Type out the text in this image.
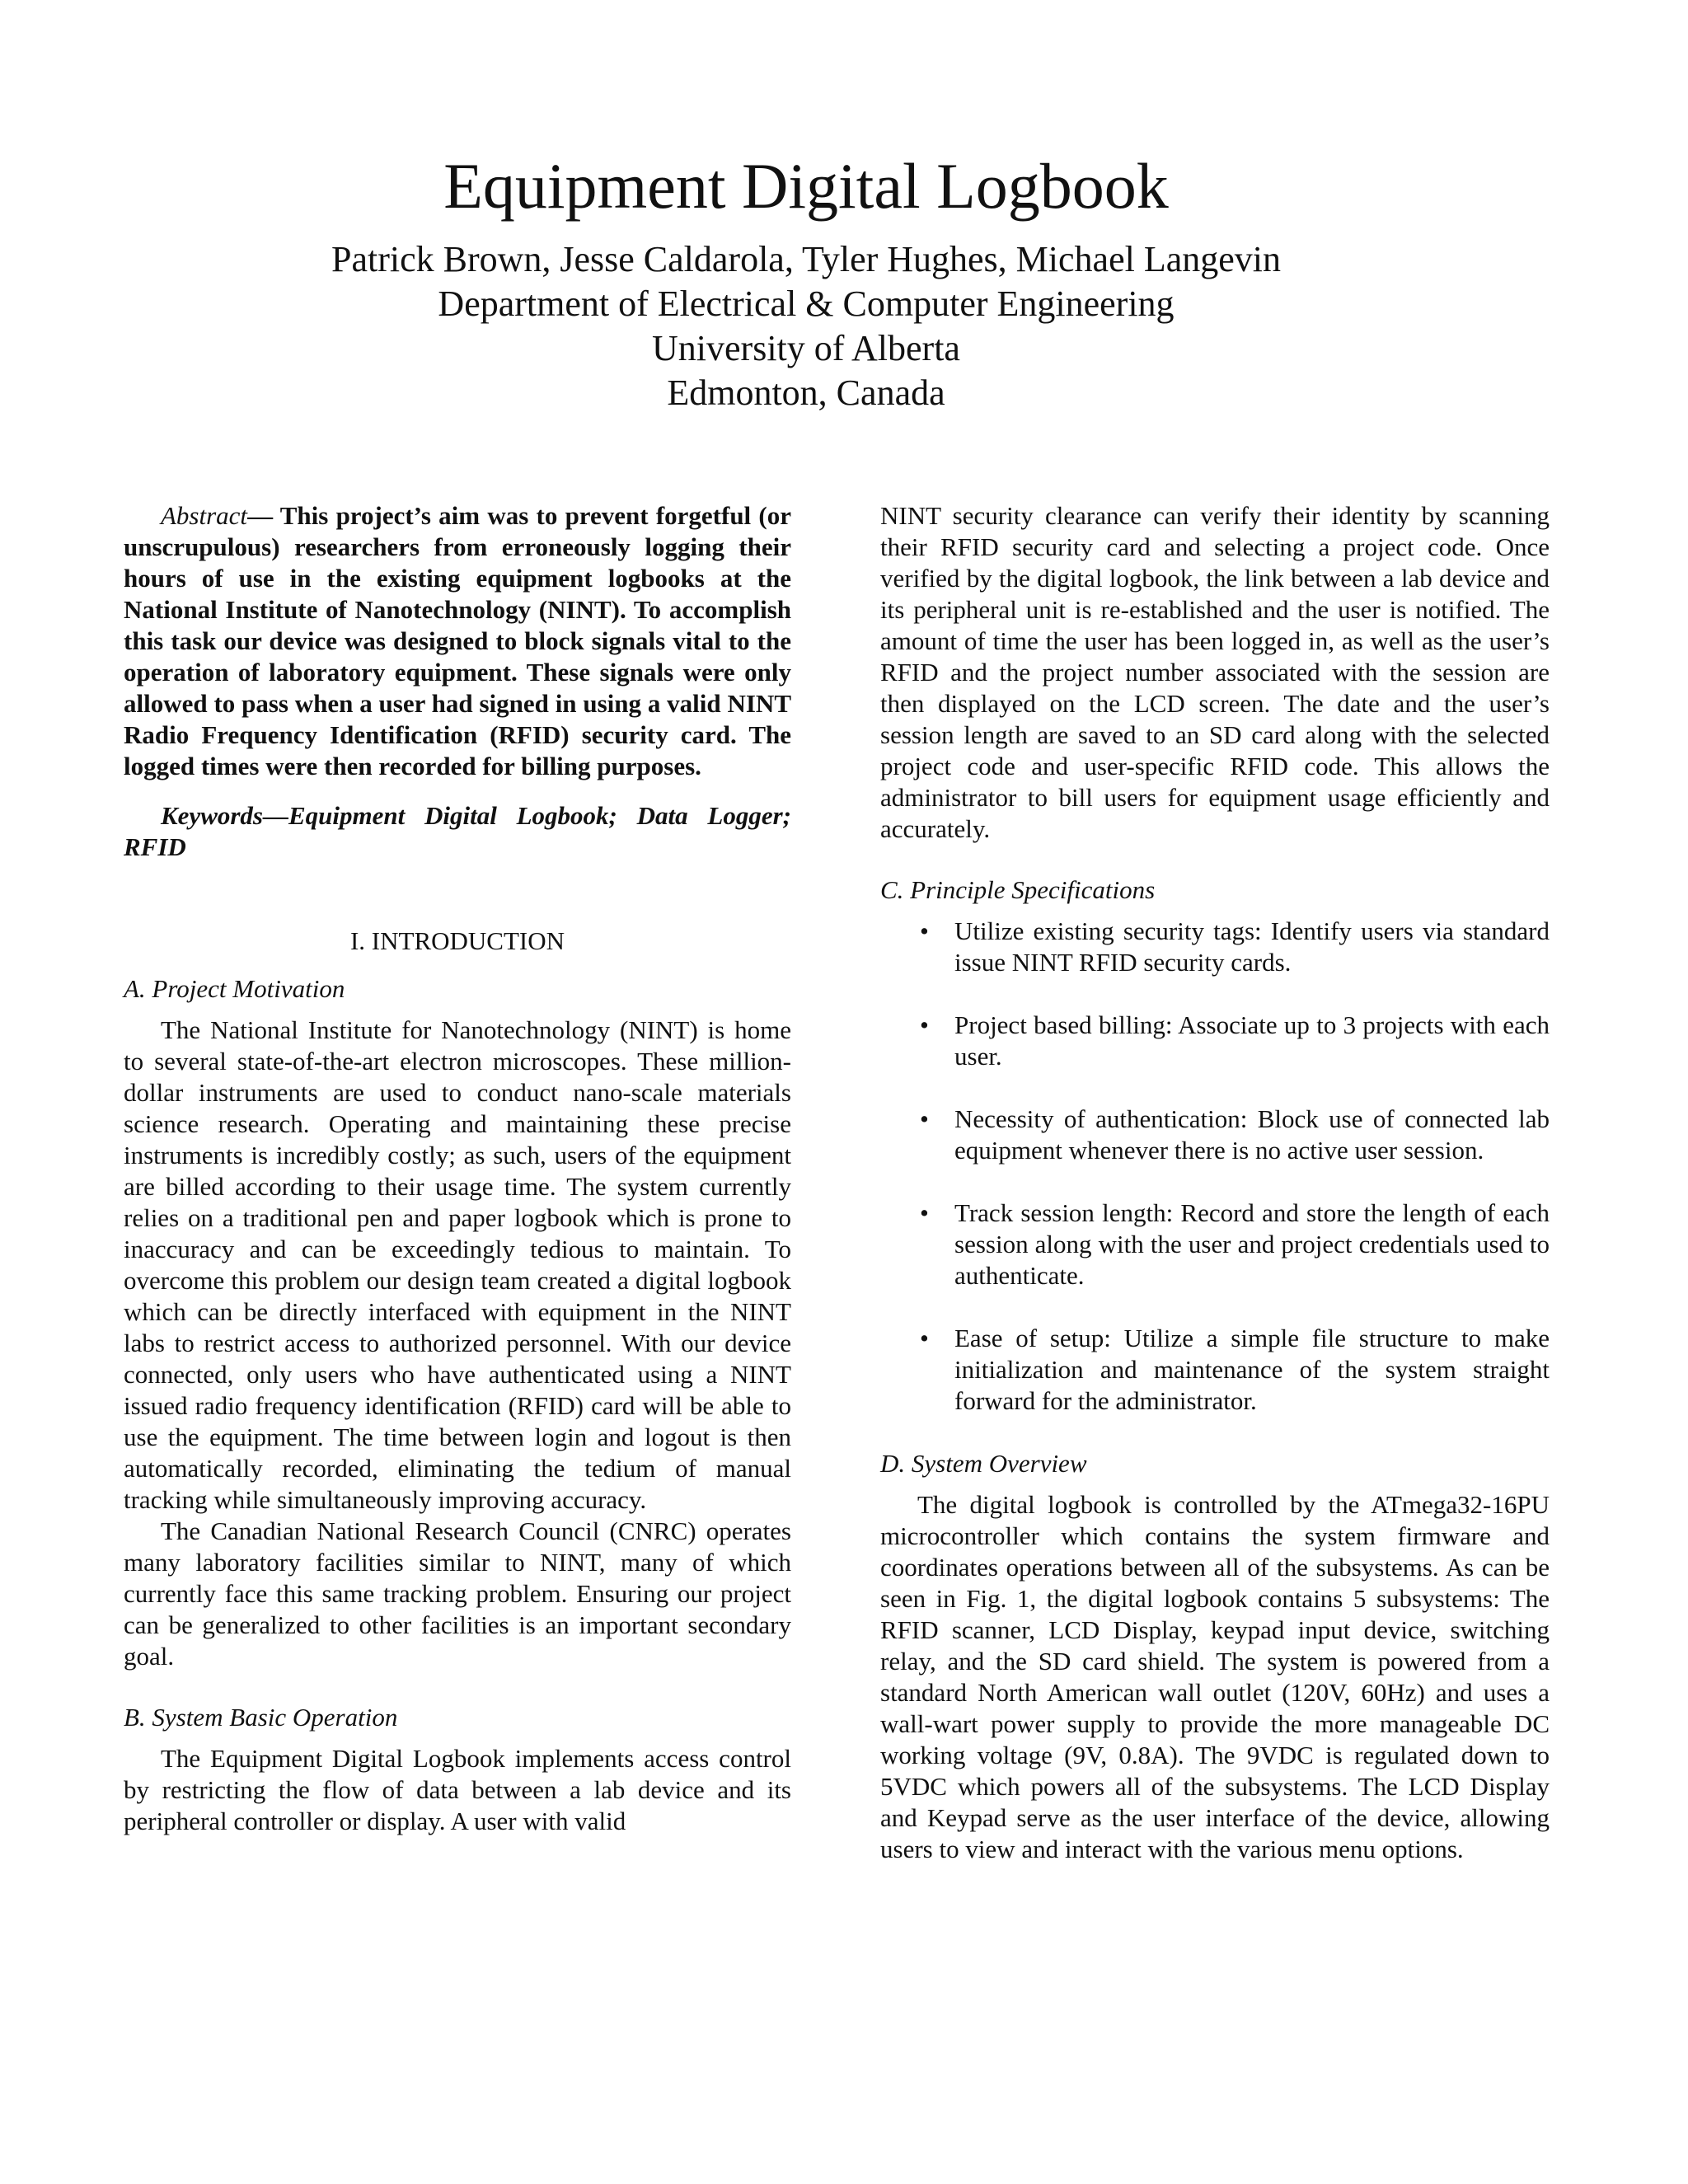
Equipment Digital Logbook
Patrick Brown, Jesse Caldarola, Tyler Hughes, Michael Langevin
Department of Electrical & Computer Engineering
University of Alberta
Edmonton, Canada

Abstract— This project’s aim was to prevent forgetful (or unscrupulous) researchers from erroneously logging their hours of use in the existing equipment logbooks at the National Institute of Nanotechnology (NINT). To accomplish this task our device was designed to block signals vital to the operation of laboratory equipment. These signals were only allowed to pass when a user had signed in using a valid NINT Radio Frequency Identification (RFID) security card. The logged times were then recorded for billing purposes.

Keywords—Equipment Digital Logbook; Data Logger; RFID

I. INTRODUCTION
A. Project Motivation

The National Institute for Nanotechnology (NINT) is home to several state-of-the-art electron microscopes. These million-dollar instruments are used to conduct nano-scale materials science research. Operating and maintaining these precise instruments is incredibly costly; as such, users of the equipment are billed according to their usage time. The system currently relies on a traditional pen and paper logbook which is prone to inaccuracy and can be exceedingly tedious to maintain. To overcome this problem our design team created a digital logbook which can be directly interfaced with equipment in the NINT labs to restrict access to authorized personnel. With our device connected, only users who have authenticated using a NINT issued radio frequency identification (RFID) card will be able to use the equipment. The time between login and logout is then automatically recorded, eliminating the tedium of manual tracking while simultaneously improving accuracy.

The Canadian National Research Council (CNRC) operates many laboratory facilities similar to NINT, many of which currently face this same tracking problem. Ensuring our project can be generalized to other facilities is an important secondary goal.

B. System Basic Operation

The Equipment Digital Logbook implements access control by restricting the flow of data between a lab device and its peripheral controller or display. A user with valid

NINT security clearance can verify their identity by scanning their RFID security card and selecting a project code. Once verified by the digital logbook, the link between a lab device and its peripheral unit is re-established and the user is notified. The amount of time the user has been logged in, as well as the user’s RFID and the project number associated with the session are then displayed on the LCD screen. The date and the user’s session length are saved to an SD card along with the selected project code and user-specific RFID code. This allows the administrator to bill users for equipment usage efficiently and accurately.

C. Principle Specifications
• Utilize existing security tags: Identify users via standard issue NINT RFID security cards.
• Project based billing: Associate up to 3 projects with each user.
• Necessity of authentication: Block use of connected lab equipment whenever there is no active user session.
• Track session length: Record and store the length of each session along with the user and project credentials used to authenticate.
• Ease of setup: Utilize a simple file structure to make initialization and maintenance of the system straight forward for the administrator.
D. System Overview

The digital logbook is controlled by the ATmega32-16PU microcontroller which contains the system firmware and coordinates operations between all of the subsystems. As can be seen in Fig. 1, the digital logbook contains 5 subsystems: The RFID scanner, LCD Display, keypad input device, switching relay, and the SD card shield. The system is powered from a standard North American wall outlet (120V, 60Hz) and uses a wall-wart power supply to provide the more manageable DC working voltage (9V, 0.8A). The 9VDC is regulated down to 5VDC which powers all of the subsystems. The LCD Display and Keypad serve as the user interface of the device, allowing users to view and interact with the various menu options.
